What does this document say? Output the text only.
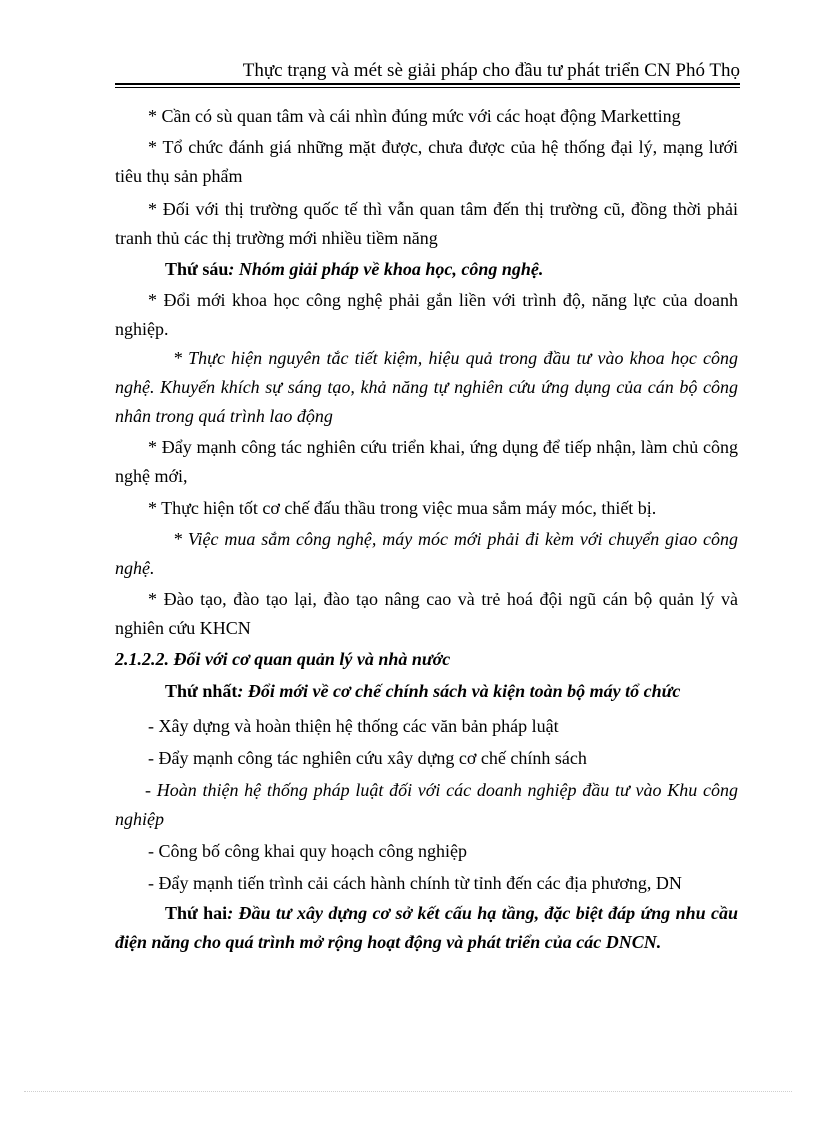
Thực trạng và mét sè giải pháp cho đầu tư phát triển CN Phó Thọ
* Cần có sù quan tâm và cái nhìn đúng mức với các hoạt động Marketting
* Tổ chức đánh giá những mặt được, chưa được của hệ thống đại lý, mạng lưới tiêu thụ sản phẩm
* Đối với thị trường quốc tế thì vẫn quan tâm đến thị trường cũ, đồng thời phải tranh thủ các thị trường mới nhiều tiềm năng
Thứ sáu: Nhóm giải pháp về khoa học, công nghệ.
* Đổi mới khoa học công nghệ phải gắn liền với trình độ, năng lực của doanh nghiệp.
* Thực hiện nguyên tắc tiết kiệm, hiệu quả trong đầu tư vào khoa học công nghệ. Khuyến khích sự sáng tạo, khả năng tự nghiên cứu ứng dụng của cán bộ công nhân trong quá trình lao động
* Đẩy mạnh công tác nghiên cứu triển khai, ứng dụng để tiếp nhận, làm chủ công nghệ mới,
* Thực hiện tốt cơ chế đấu thầu trong việc mua sắm máy móc, thiết bị.
* Việc mua sắm công nghệ, máy móc mới phải đi kèm với chuyển giao công nghệ.
* Đào tạo, đào tạo lại, đào tạo nâng cao và trẻ hoá đội ngũ cán bộ quản lý và nghiên cứu KHCN
2.1.2.2. Đối với cơ quan quản lý và nhà nước
Thứ nhất: Đổi mới về cơ chế chính sách và kiện toàn bộ máy tổ chức
- Xây dựng và hoàn thiện hệ thống các văn bản pháp luật
- Đẩy mạnh công tác nghiên cứu xây dựng cơ chế chính sách
- Hoàn thiện hệ thống pháp luật đối với các doanh nghiệp đầu tư vào Khu công nghiệp
- Công bố công khai quy hoạch công nghiệp
- Đẩy mạnh tiến trình cải cách hành chính từ tỉnh đến các địa phương, DN
Thứ hai: Đầu tư xây dựng cơ sở kết cấu hạ tầng, đặc biệt đáp ứng nhu cầu điện năng cho quá trình mở rộng hoạt động và phát triển của các DNCN.
